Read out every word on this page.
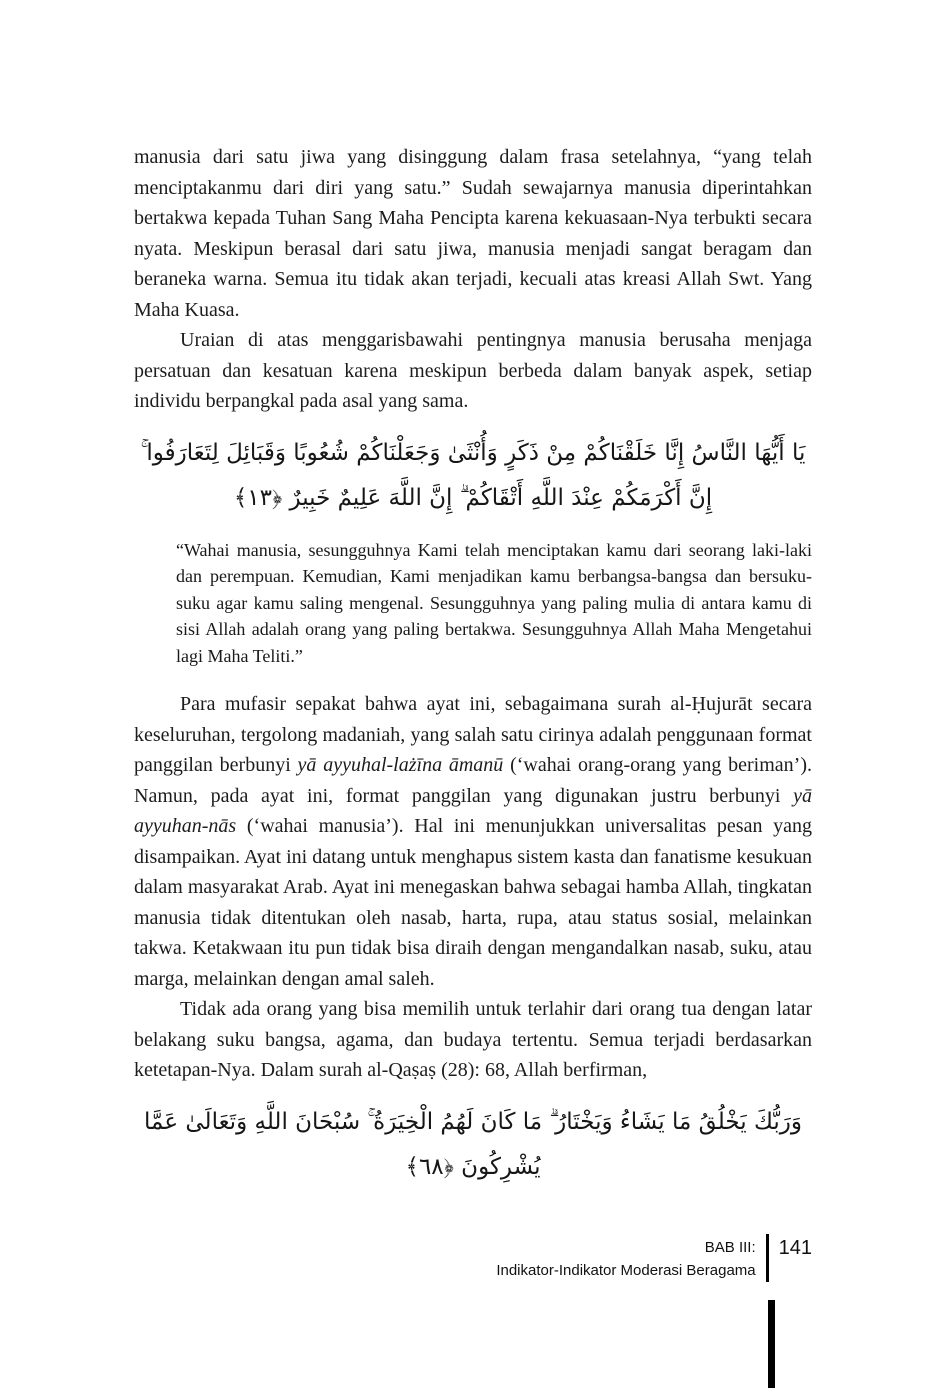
manusia dari satu jiwa yang disinggung dalam frasa setelahnya, “yang telah menciptakanmu dari diri yang satu.” Sudah sewajarnya manusia diperintahkan bertakwa kepada Tuhan Sang Maha Pencipta karena kekuasaan-Nya terbukti secara nyata. Meskipun berasal dari satu jiwa, manusia menjadi sangat beragam dan beraneka warna. Semua itu tidak akan terjadi, kecuali atas kreasi Allah Swt. Yang Maha Kuasa.

Uraian di atas menggarisbawahi pentingnya manusia berusaha menjaga persatuan dan kesatuan karena meskipun berbeda dalam banyak aspek, setiap individu berpangkal pada asal yang sama.

يَا أَيُّهَا النَّاسُ إِنَّا خَلَقْنَاكُمْ مِنْ ذَكَرٍ وَأُنْثَىٰ وَجَعَلْنَاكُمْ شُعُوبًا وَقَبَائِلَ لِتَعَارَفُوا ۚ إِنَّ أَكْرَمَكُمْ عِنْدَ اللَّهِ أَتْقَاكُمْ ۗ إِنَّ اللَّهَ عَلِيمٌ خَبِيرٌ ﴿١٣﴾

“Wahai manusia, sesungguhnya Kami telah menciptakan kamu dari seorang laki-laki dan perempuan. Kemudian, Kami menjadikan kamu berbangsa-bangsa dan bersuku-suku agar kamu saling mengenal. Sesungguhnya yang paling mulia di antara kamu di sisi Allah adalah orang yang paling bertakwa. Sesungguhnya Allah Maha Mengetahui lagi Maha Teliti.”

Para mufasir sepakat bahwa ayat ini, sebagaimana surah al-Ḥujurāt secara keseluruhan, tergolong madaniah, yang salah satu cirinya adalah penggunaan format panggilan berbunyi yā ayyuhal-lażīna āmanū (‘wahai orang-orang yang beriman’). Namun, pada ayat ini, format panggilan yang digunakan justru berbunyi yā ayyuhan-nās (‘wahai manusia’). Hal ini menunjukkan universalitas pesan yang disampaikan. Ayat ini datang untuk menghapus sistem kasta dan fanatisme kesukuan dalam masyarakat Arab. Ayat ini menegaskan bahwa sebagai hamba Allah, tingkatan manusia tidak ditentukan oleh nasab, harta, rupa, atau status sosial, melainkan takwa. Ketakwaan itu pun tidak bisa diraih dengan mengandalkan nasab, suku, atau marga, melainkan dengan amal saleh.

Tidak ada orang yang bisa memilih untuk terlahir dari orang tua dengan latar belakang suku bangsa, agama, dan budaya tertentu. Semua terjadi berdasarkan ketetapan-Nya. Dalam surah al-Qaṣaṣ (28): 68, Allah berfirman,

وَرَبُّكَ يَخْلُقُ مَا يَشَاءُ وَيَخْتَارُ ۗ مَا كَانَ لَهُمُ الْخِيَرَةُ ۚ سُبْحَانَ اللَّهِ وَتَعَالَىٰ عَمَّا يُشْرِكُونَ ﴿٦٨﴾

BAB III:
Indikator-Indikator Moderasi Beragama
141
